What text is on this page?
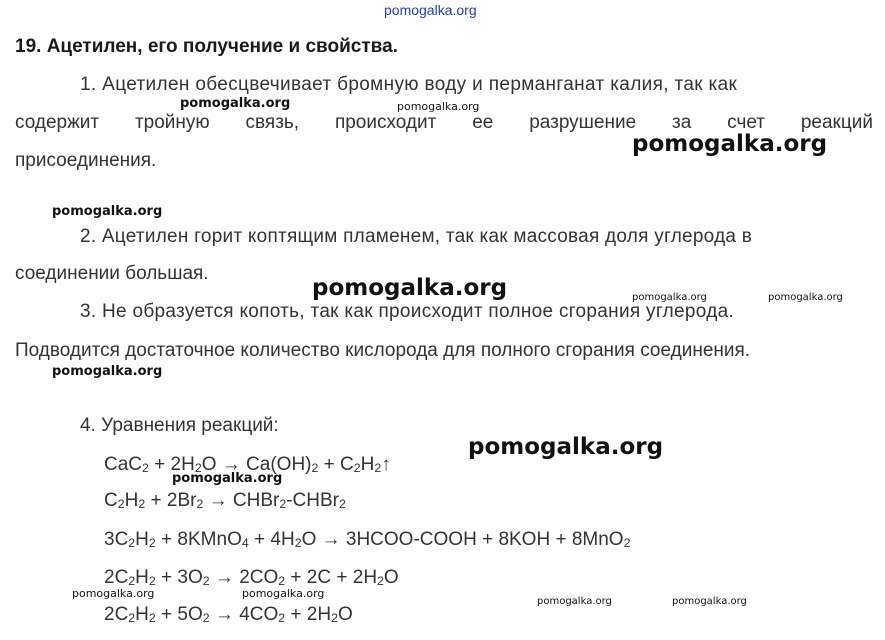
pomogalka.org
pomogalka.org	pomogalka.org
pomogalka.org
pomogalka.org
pomogalka.org	pomogalka.org	pomogalka.org
pomogalka.org
pomogalka.org
pomogalka.org
pomogalka.org	pomogalka.org
pomogalka.org	pomogalka.org
19. Ацетилен, его получение и свойства.
1. Ацетилен обесцвечивает бромную воду и перманганат калия, так как
содержит тройную связь, происходит ее разрушение за счет реакций
присоединения.
2. Ацетилен горит коптящим пламенем, так как массовая доля углерода в
соединении большая.
3. Не образуется копоть, так как происходит полное сгорания углерода.
Подводится достаточное количество кислорода для полного сгорания соединения.
4. Уравнения реакций:
$CaC_2 + 2H_2O \to Ca(OH)_2$ + $C_2H_2↑$
$C_2H_2 + 2Br_2$ → CHBr$_2$-CHBr$_2$
$3C_2H_2$ + 8KMnO$_4$ + $4H_2O$ → 3HCOO-COOH + 8KOH + 8MnO$_2$
$2C_2H_2 + 3O_2 \to 2CO_2 + 2C + 2H_2O$
$2C_2H_2 + 5O_2 \to 4CO_2 + 2H_2O$
